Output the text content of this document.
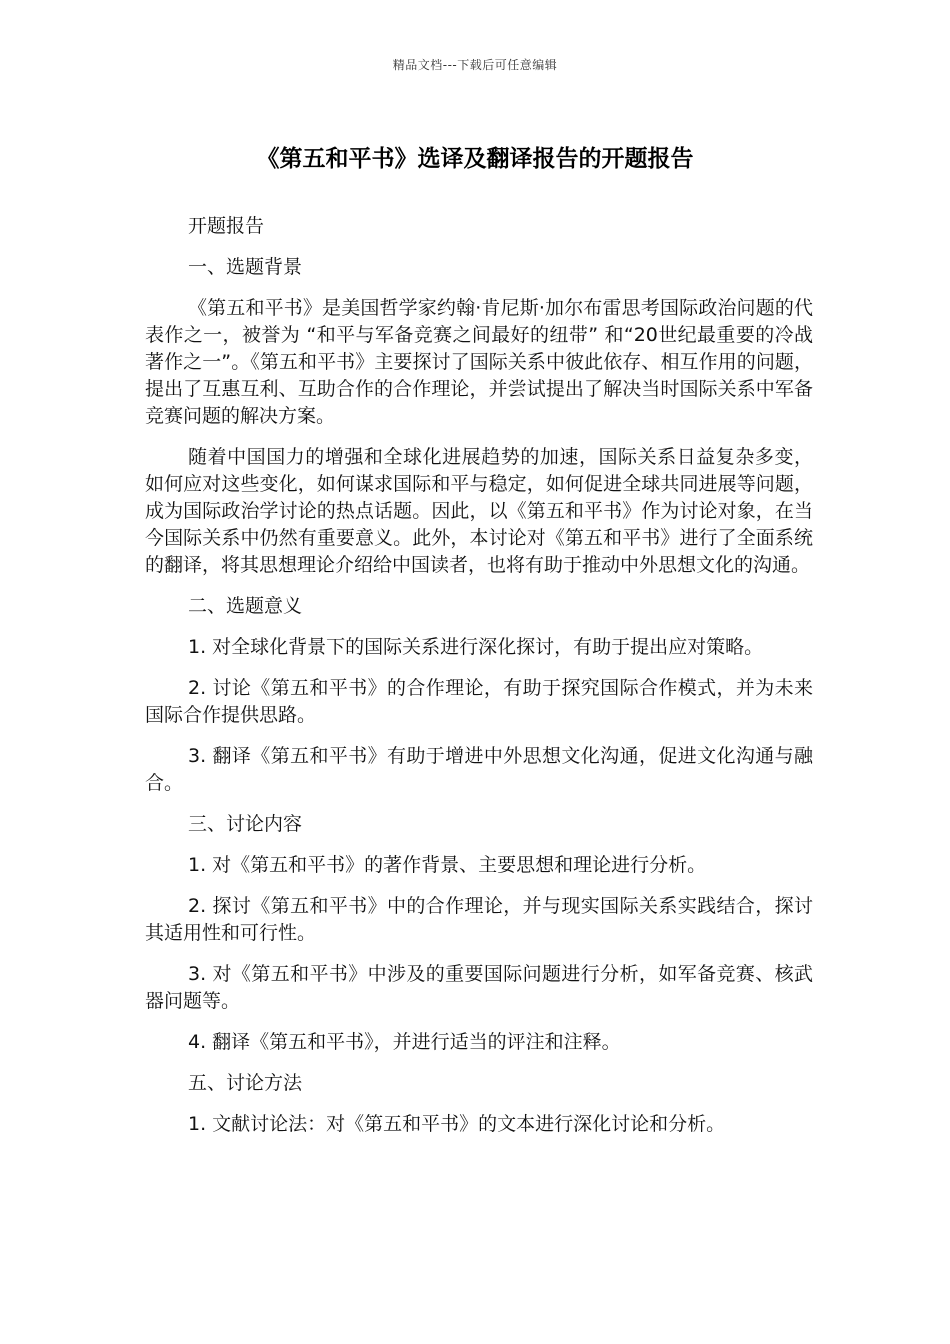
精品文档---下载后可任意编辑
《第五和平书》选译及翻译报告的开题报告

开题报告

一、选题背景

《第五和平书》是美国哲学家约翰·肯尼斯·加尔布雷思考国际政治问题的代表作之一，被誉为 “和平与军备竞赛之间最好的纽带” 和“20世纪最重要的冷战著作之一”。《第五和平书》主要探讨了国际关系中彼此依存、相互作用的问题，提出了互惠互利、互助合作的合作理论，并尝试提出了解决当时国际关系中军备竞赛问题的解决方案。

随着中国国力的增强和全球化进展趋势的加速，国际关系日益复杂多变，如何应对这些变化，如何谋求国际和平与稳定，如何促进全球共同进展等问题，成为国际政治学讨论的热点话题。因此，以《第五和平书》作为讨论对象，在当今国际关系中仍然有重要意义。此外，本讨论对《第五和平书》进行了全面系统的翻译，将其思想理论介绍给中国读者，也将有助于推动中外思想文化的沟通。

二、选题意义

1. 对全球化背景下的国际关系进行深化探讨，有助于提出应对策略。

2. 讨论《第五和平书》的合作理论，有助于探究国际合作模式，并为未来国际合作提供思路。

3. 翻译《第五和平书》有助于增进中外思想文化沟通，促进文化沟通与融合。

三、讨论内容

1. 对《第五和平书》的著作背景、主要思想和理论进行分析。

2. 探讨《第五和平书》中的合作理论，并与现实国际关系实践结合，探讨其适用性和可行性。

3. 对《第五和平书》中涉及的重要国际问题进行分析，如军备竞赛、核武器问题等。

4. 翻译《第五和平书》，并进行适当的评注和注释。

五、讨论方法

1. 文献讨论法：对《第五和平书》的文本进行深化讨论和分析。
